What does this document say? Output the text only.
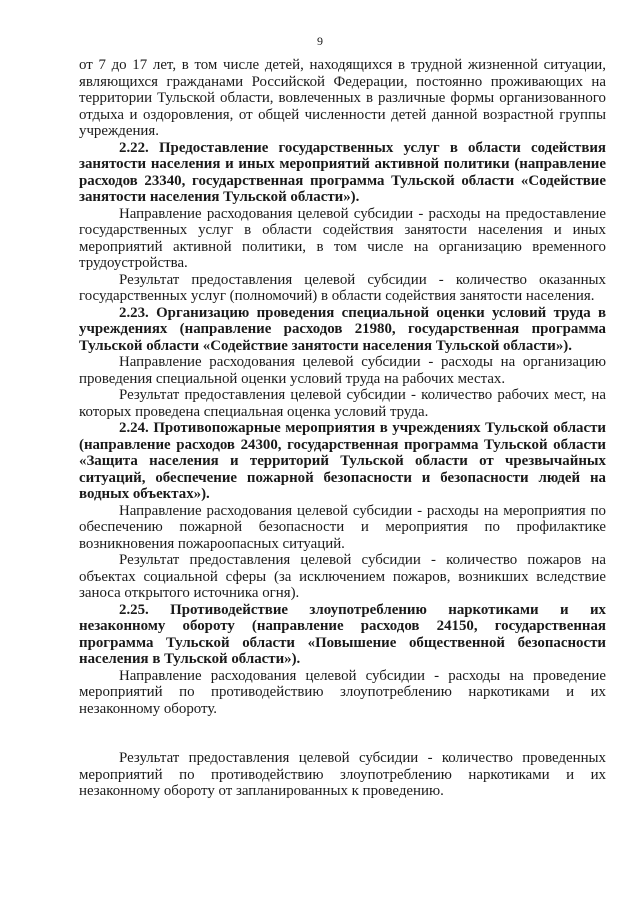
9

от 7 до 17 лет, в том числе детей, находящихся в трудной жизненной ситуации, являющихся гражданами Российской Федерации, постоянно проживающих на территории Тульской области, вовлеченных в различные формы организованного отдыха и оздоровления, от общей численности детей данной возрастной группы учреждения.

2.22. Предоставление государственных услуг в области содействия занятости населения и иных мероприятий активной политики (направление расходов 23340, государственная программа Тульской области «Содействие занятости населения Тульской области»).

Направление расходования целевой субсидии - расходы на предоставление государственных услуг в области содействия занятости населения и иных мероприятий активной политики, в том числе на организацию временного трудоустройства.

Результат предоставления целевой субсидии - количество оказанных государственных услуг (полномочий) в области содействия занятости населения.

2.23. Организацию проведения специальной оценки условий труда в учреждениях (направление расходов 21980, государственная программа Тульской области «Содействие занятости населения Тульской области»).

Направление расходования целевой субсидии - расходы на организацию проведения специальной оценки условий труда на рабочих местах.

Результат предоставления целевой субсидии - количество рабочих мест, на которых проведена специальная оценка условий труда.

2.24. Противопожарные мероприятия в учреждениях Тульской области (направление расходов 24300, государственная программа Тульской области «Защита населения и территорий Тульской области от чрезвычайных ситуаций, обеспечение пожарной безопасности и безопасности людей на водных объектах»).

Направление расходования целевой субсидии - расходы на мероприятия по обеспечению пожарной безопасности и мероприятия по профилактике возникновения пожароопасных ситуаций.

Результат предоставления целевой субсидии - количество пожаров на объектах социальной сферы (за исключением пожаров, возникших вследствие заноса открытого источника огня).

2.25. Противодействие злоупотреблению наркотиками и их незаконному обороту (направление расходов 24150, государственная программа Тульской области «Повышение общественной безопасности населения в Тульской области»).

Направление расходования целевой субсидии - расходы на проведение мероприятий по противодействию злоупотреблению наркотиками и их незаконному обороту.

Результат предоставления целевой субсидии - количество проведенных мероприятий по противодействию злоупотреблению наркотиками и их незаконному обороту от запланированных к проведению.
